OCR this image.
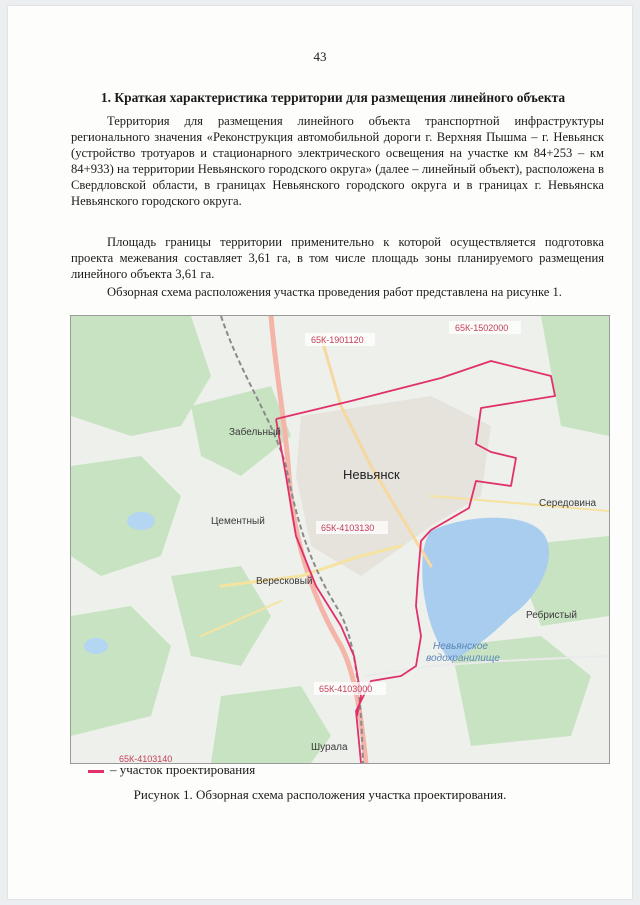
43
1. Краткая характеристика территории для размещения линейного объекта

Территория для размещения линейного объекта транспортной инфраструктуры регионального значения «Реконструкция автомобильной дороги г. Верхняя Пышма – г. Невьянск (устройство тротуаров и стационарного электрического освещения на участке км 84+253 – км 84+933) на территории Невьянского городского округа» (далее – линейный объект), расположена в Свердловской области, в границах Невьянского городского округа и в границах г. Невьянска Невьянского городского округа.

Площадь границы территории применительно к которой осуществляется подготовка проекта межевания составляет 3,61 га, в том числе площадь зоны планируемого размещения линейного объекта 3,61 га.

Обзорная схема расположения участка проведения работ представлена на рисунке 1.

65К-1901120
65К-1502000
65К-4103130
65К-4103000
65К-4103140
Забельный
Невьянск
Цементный
Вересковый
Середовина
Ребристый
Шурала
Невьянское
водохранилище
– участок проектирования
Рисунок 1. Обзорная схема расположения участка проектирования.
